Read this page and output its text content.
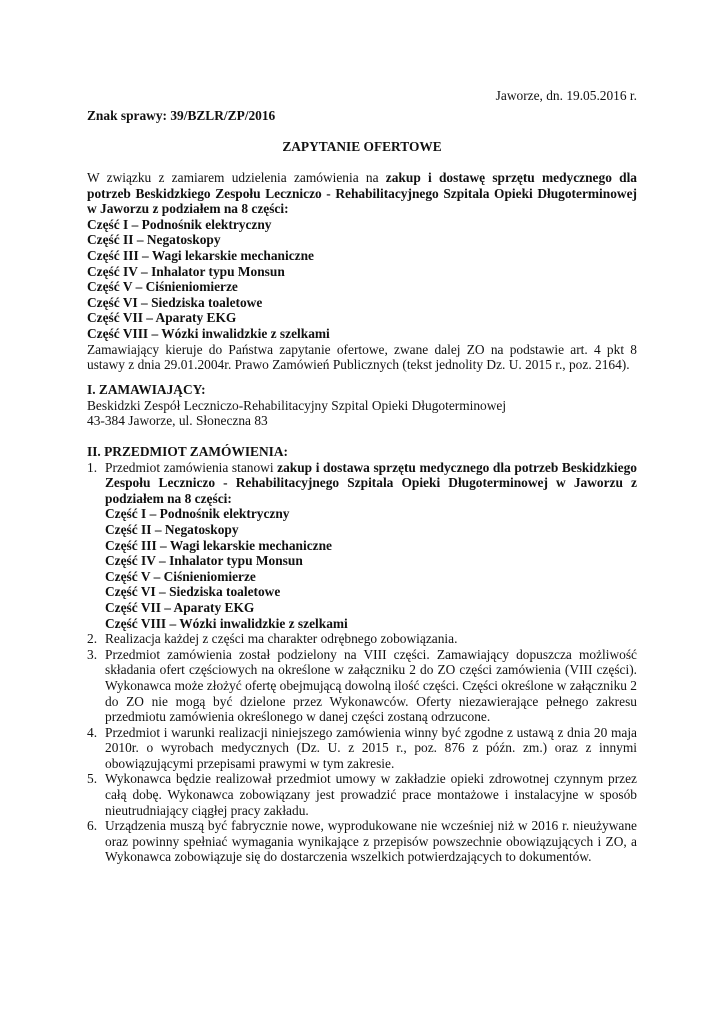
Jaworze, dn. 19.05.2016 r.
Znak sprawy: 39/BZLR/ZP/2016
ZAPYTANIE OFERTOWE

W związku z zamiarem udzielenia zamówienia na zakup i dostawę sprzętu medycznego dla potrzeb Beskidzkiego Zespołu Leczniczo - Rehabilitacyjnego Szpitala Opieki Długoterminowej w Jaworzu z podziałem na 8 części:

Część I – Podnośnik elektryczny
Część II – Negatoskopy
Część III – Wagi lekarskie mechaniczne
Część IV – Inhalator typu Monsun
Część V – Ciśnieniomierze
Część VI – Siedziska toaletowe
Część VII – Aparaty EKG
Część VIII – Wózki inwalidzkie z szelkami

Zamawiający kieruje do Państwa zapytanie ofertowe, zwane dalej ZO na podstawie art. 4 pkt 8 ustawy z dnia 29.01.2004r. Prawo Zamówień Publicznych (tekst jednolity Dz. U. 2015 r., poz. 2164).

I. ZAMAWIAJĄCY:
Beskidzki Zespół Leczniczo-Rehabilitacyjny Szpital Opieki Długoterminowej
43-384 Jaworze, ul. Słoneczna 83
II. PRZEDMIOT ZAMÓWIENIA:
1. Przedmiot zamówienia stanowi zakup i dostawa sprzętu medycznego dla potrzeb Beskidzkiego Zespołu Leczniczo - Rehabilitacyjnego Szpitala Opieki Długoterminowej w Jaworzu z podziałem na 8 części:
Część I – Podnośnik elektryczny
Część II – Negatoskopy
Część III – Wagi lekarskie mechaniczne
Część IV – Inhalator typu Monsun
Część V – Ciśnieniomierze
Część VI – Siedziska toaletowe
Część VII – Aparaty EKG
Część VIII – Wózki inwalidzkie z szelkami
2. Realizacja każdej z części ma charakter odrębnego zobowiązania.
3. Przedmiot zamówienia został podzielony na VIII części. Zamawiający dopuszcza możliwość składania ofert częściowych na określone w załączniku 2 do ZO części zamówienia (VIII części). Wykonawca może złożyć ofertę obejmującą dowolną ilość części. Części określone w załączniku 2 do ZO nie mogą być dzielone przez Wykonawców. Oferty niezawierające pełnego zakresu przedmiotu zamówienia określonego w danej części zostaną odrzucone.
4. Przedmiot i warunki realizacji niniejszego zamówienia winny być zgodne z ustawą z dnia 20 maja 2010r. o wyrobach medycznych (Dz. U. z 2015 r., poz. 876 z późn. zm.) oraz z innymi obowiązującymi przepisami prawymi w tym zakresie.
5. Wykonawca będzie realizował przedmiot umowy w zakładzie opieki zdrowotnej czynnym przez całą dobę. Wykonawca zobowiązany jest prowadzić prace montażowe i instalacyjne w sposób nieutrudniający ciągłej pracy zakładu.
6. Urządzenia muszą być fabrycznie nowe, wyprodukowane nie wcześniej niż w 2016 r. nieużywane oraz powinny spełniać wymagania wynikające z przepisów powszechnie obowiązujących i ZO, a Wykonawca zobowiązuje się do dostarczenia wszelkich potwierdzających to dokumentów.
